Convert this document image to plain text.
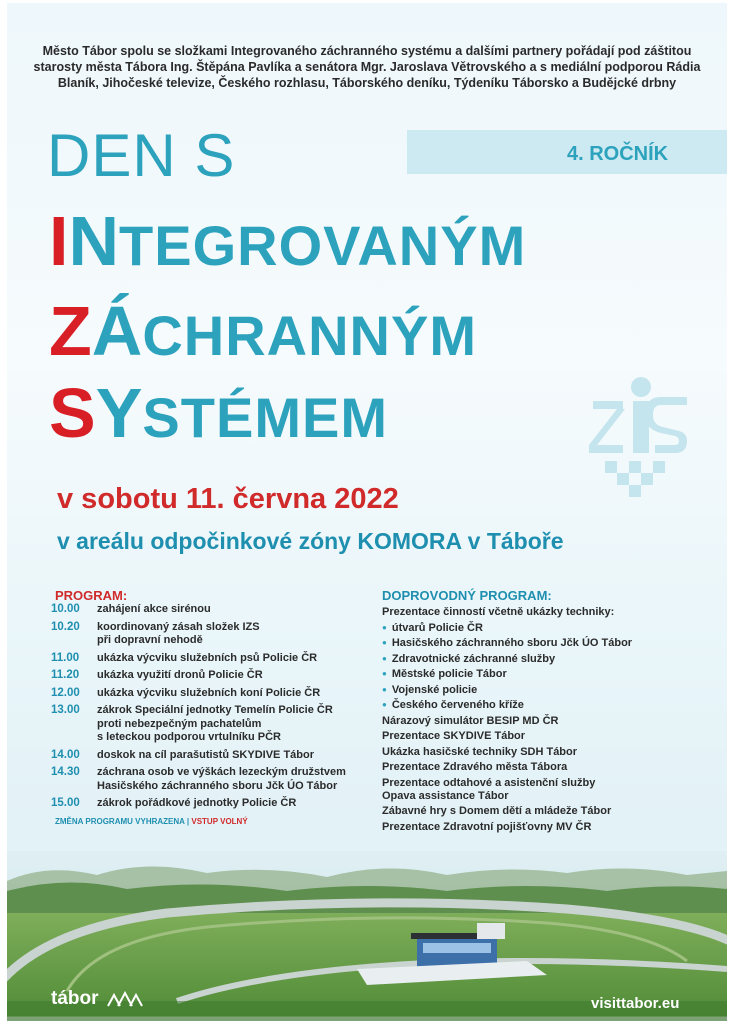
Město Tábor spolu se složkami Integrovaného záchranného systému a dalšími partnery pořádají pod záštitou starosty města Tábora Ing. Štěpána Pavlíka a senátora Mgr. Jaroslava Větrovského a s mediální podporou Rádia Blaník, Jihočeské televize, Českého rozhlasu, Táborského deníku, Týdeníku Táborsko a Budějcké drbny
DEN S	4. ROČNÍK
INTEGROVANÝM
ZÁCHRANNÝM
SYSTÉMEM
v sobotu 11. června 2022
v areálu odpočinkové zóny KOMORA v Táboře
PROGRAM:
10.00	zahájení akce sirénou
10.20	koordinovaný zásah složek IZS
při dopravní nehodě
11.00	ukázka výcviku služebních psů Policie ČR
11.20	ukázka využití dronů Policie ČR
12.00	ukázka výcviku služebních koní Policie ČR
13.00	zákrok Speciální jednotky Temelín Policie ČR
proti nebezpečným pachatelům
s leteckou podporou vrtulníku PČR
14.00	doskok na cíl parašutistů SKYDIVE Tábor
14.30	záchrana osob ve výškách lezeckým družstvem
Hasičského záchranného sboru Jčk ÚO Tábor
15.00	zákrok pořádkové jednotky Policie ČR
ZMĚNA PROGRAMU VYHRAZENA | VSTUP VOLNÝ
DOPROVODNÝ PROGRAM:
Prezentace činností včetně ukázky techniky:
● útvarů Policie ČR
● Hasičského záchranného sboru Jčk ÚO Tábor
● Zdravotnické záchranné služby
● Městské policie Tábor
● Vojenské policie
● Českého červeného kříže
Nárazový simulátor BESIP MD ČR
Prezentace SKYDIVE Tábor
Ukázka hasičské techniky SDH Tábor
Prezentace Zdravého města Tábora
Prezentace odtahové a asistenční služby
Opava assistance Tábor
Zábavné hry s Domem dětí a mládeže Tábor
Prezentace Zdravotní pojišťovny MV ČR
tábor	visittabor.eu
